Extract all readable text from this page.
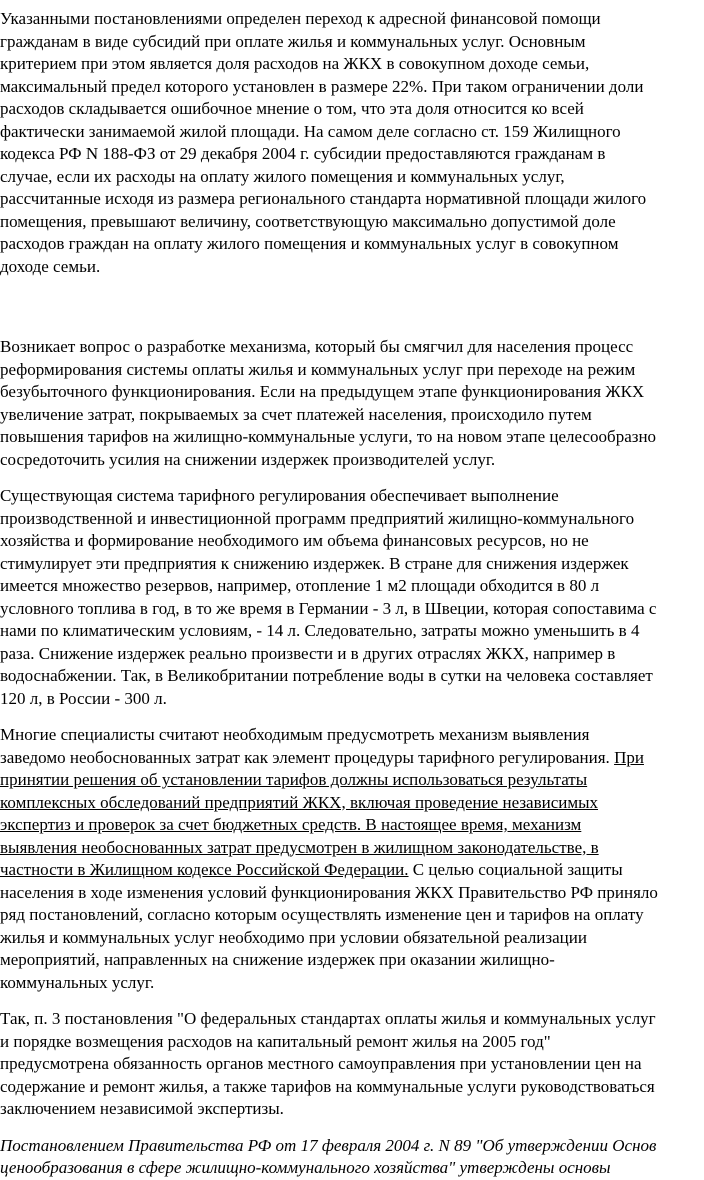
Указанными постановлениями определен переход к адресной финансовой помощи
гражданам в виде субсидий при оплате жилья и коммунальных услуг. Основным
критерием при этом является доля расходов на ЖКХ в совокупном доходе семьи,
максимальный предел которого установлен в размере 22%. При таком ограничении доли
расходов складывается ошибочное мнение о том, что эта доля относится ко всей
фактически занимаемой жилой площади. На самом деле согласно ст. 159 Жилищного
кодекса РФ N 188-ФЗ от 29 декабря 2004 г. субсидии предоставляются гражданам в
случае, если их расходы на оплату жилого помещения и коммунальных услуг,
рассчитанные исходя из размера регионального стандарта нормативной площади жилого
помещения, превышают величину, соответствующую максимально допустимой доле
расходов граждан на оплату жилого помещения и коммунальных услуг в совокупном
доходе семьи.
Возникает вопрос о разработке механизма, который бы смягчил для населения процесс
реформирования системы оплаты жилья и коммунальных услуг при переходе на режим
безубыточного функционирования. Если на предыдущем этапе функционирования ЖКХ
увеличение затрат, покрываемых за счет платежей населения, происходило путем
повышения тарифов на жилищно-коммунальные услуги, то на новом этапе целесообразно
сосредоточить усилия на снижении издержек производителей услуг.
Существующая система тарифного регулирования обеспечивает выполнение
производственной и инвестиционной программ предприятий жилищно-коммунального
хозяйства и формирование необходимого им объема финансовых ресурсов, но не
стимулирует эти предприятия к снижению издержек. В стране для снижения издержек
имеется множество резервов, например, отопление 1 м2 площади обходится в 80 л
условного топлива в год, в то же время в Германии - 3 л, в Швеции, которая сопоставима с
нами по климатическим условиям, - 14 л. Следовательно, затраты можно уменьшить в 4
раза. Снижение издержек реально произвести и в других отраслях ЖКХ, например в
водоснабжении. Так, в Великобритании потребление воды в сутки на человека составляет
120 л, в России - 300 л.
Многие специалисты считают необходимым предусмотреть механизм выявления
заведомо необоснованных затрат как элемент процедуры тарифного регулирования. При
принятии решения об установлении тарифов должны использоваться результаты
комплексных обследований предприятий ЖКХ, включая проведение независимых
экспертиз и проверок за счет бюджетных средств. В настоящее время, механизм
выявления необоснованных затрат предусмотрен в жилищном законодательстве, в
частности в Жилищном кодексе Российской Федерации. С целью социальной защиты
населения в ходе изменения условий функционирования ЖКХ Правительство РФ приняло
ряд постановлений, согласно которым осуществлять изменение цен и тарифов на оплату
жилья и коммунальных услуг необходимо при условии обязательной реализации
мероприятий, направленных на снижение издержек при оказании жилищно-
коммунальных услуг.
Так, п. 3 постановления "О федеральных стандартах оплаты жилья и коммунальных услуг
и порядке возмещения расходов на капитальный ремонт жилья на 2005 год"
предусмотрена обязанность органов местного самоуправления при установлении цен на
содержание и ремонт жилья, а также тарифов на коммунальные услуги руководствоваться
заключением независимой экспертизы.
Постановлением Правительства РФ от 17 февраля 2004 г. N 89 "Об утверждении Основ
ценообразования в сфере жилищно-коммунального хозяйства" утверждены основы
